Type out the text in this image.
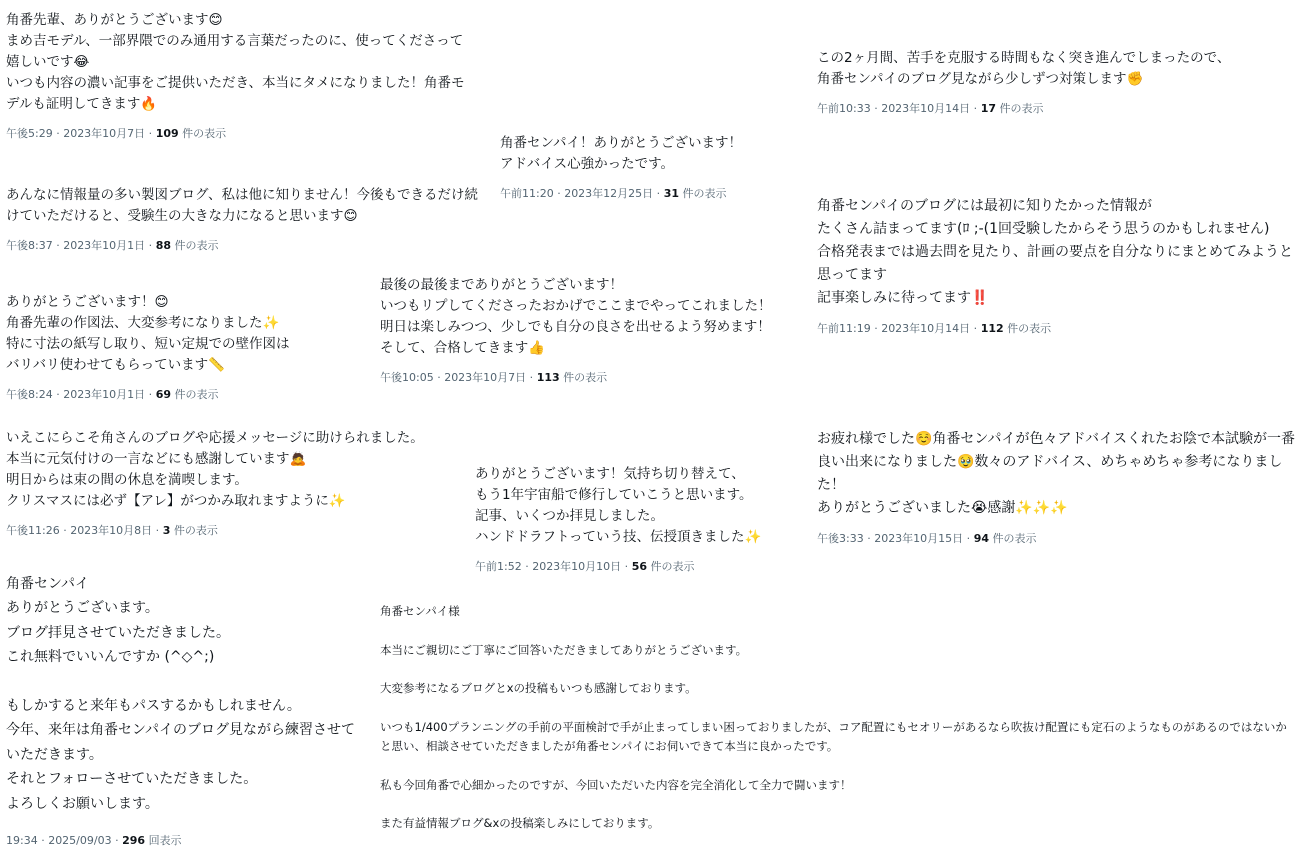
角番先輩、ありがとうございます😊
まめ吉モデル、一部界隈でのみ通用する言葉だったのに、使ってくださって嬉しいです😂
いつも内容の濃い記事をご提供いただき、本当にタメになりました！角番モデルも証明してきます🔥
午後5:29 · 2023年10月7日 · 109 件の表示
あんなに情報量の多い製図ブログ、私は他に知りません！今後もできるだけ続けていただけると、受験生の大きな力になると思います😊
午後8:37 · 2023年10月1日 · 88 件の表示
ありがとうございます！😊
角番先輩の作図法、大変参考になりました✨
特に寸法の紙写し取り、短い定規での壁作図は
バリバリ使わせてもらっています📏
午後8:24 · 2023年10月1日 · 69 件の表示
いえこにらこそ角さんのブログや応援メッセージに助けられました。
本当に元気付けの一言などにも感謝しています🙇
明日からは束の間の休息を満喫します。
クリスマスには必ず【アレ】がつかみ取れますように✨
午後11:26 · 2023年10月8日 · 3 件の表示
角番センパイ
ありがとうございます。
ブログ拝見させていただきました。
これ無料でいいんですか (^◇^;)

もしかすると来年もパスするかもしれません。
今年、来年は角番センパイのブログ見ながら練習させていただきます。
それとフォローさせていただきました。
よろしくお願いします。
19:34 · 2025/09/03 · 296 回表示
角番センパイ！ありがとうございます！
アドバイス心強かったです。
午前11:20 · 2023年12月25日 · 31 件の表示
最後の最後までありがとうございます！
いつもリプしてくださったおかげでここまでやってこれました！
明日は楽しみつつ、少しでも自分の良さを出せるよう努めます！
そして、合格してきます👍
午後10:05 · 2023年10月7日 · 113 件の表示
ありがとうございます！気持ち切り替えて、
もう1年宇宙船で修行していこうと思います。
記事、いくつか拝見しました。
ハンドドラフトっていう技、伝授頂きました✨
午前1:52 · 2023年10月10日 · 56 件の表示
角番センパイ様

本当にご親切にご丁寧にご回答いただきましてありがとうございます。

大変参考になるブログとxの投稿もいつも感謝しております。

いつも1/400プランニングの手前の平面検討で手が止まってしまい困っておりましたが、コア配置にもセオリーがあるなら吹抜け配置にも定石のようなものがあるのではないかと思い、相談させていただきましたが角番センパイにお伺いできて本当に良かったです。

私も今回角番で心細かったのですが、今回いただいた内容を完全消化して全力で闘います！

また有益情報ブログ&xの投稿楽しみにしております。
この2ヶ月間、苦手を克服する時間もなく突き進んでしまったので、
角番センパイのブログ見ながら少しずつ対策します✊
午前10:33 · 2023年10月14日 · 17 件の表示
角番センパイのブログには最初に知りたかった情報が
たくさん詰まってます(ﾛ ;-(1回受験したからそう思うのかもしれません)
合格発表までは過去問を見たり、計画の要点を自分なりにまとめてみようと思ってます
記事楽しみに待ってます‼️
午前11:19 · 2023年10月14日 · 112 件の表示
お疲れ様でした☺️角番センパイが色々アドバイスくれたお陰で本試験が一番良い出来になりました🥹数々のアドバイス、めちゃめちゃ参考になりました！
ありがとうございました😭感謝✨✨✨
午後3:33 · 2023年10月15日 · 94 件の表示
